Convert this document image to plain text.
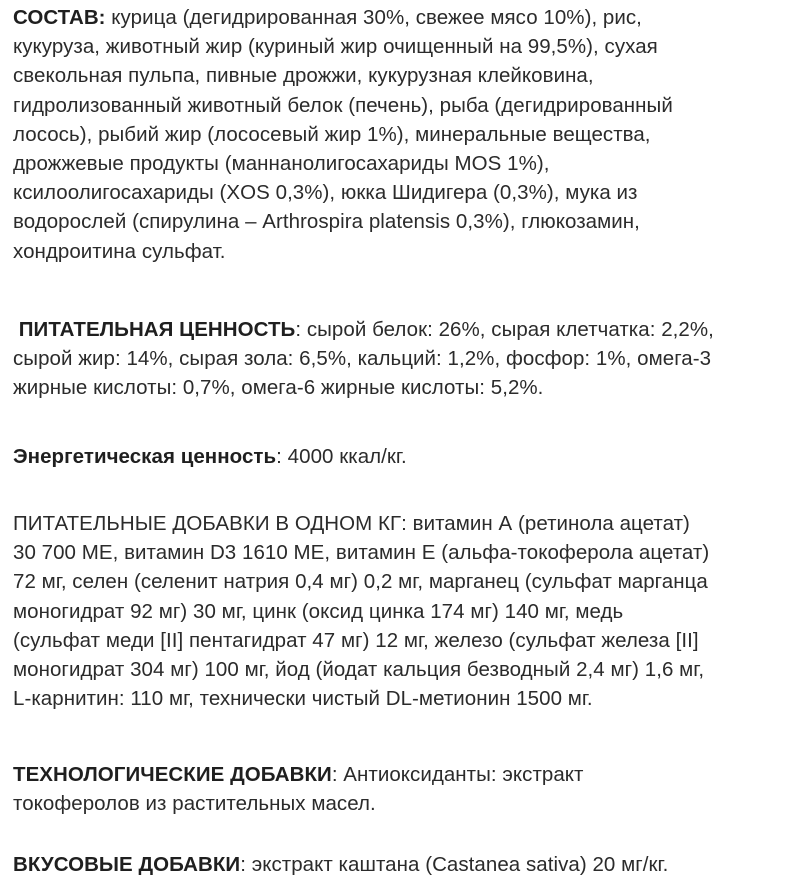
СОСТАВ: курица (дегидрированная 30%, свежее мясо 10%), рис,
кукуруза, животный жир (куриный жир очищенный на 99,5%), сухая
свекольная пульпа, пивные дрожжи, кукурузная клейковина,
гидролизованный животный белок (печень), рыба (дегидрированный
лосось), рыбий жир (лососевый жир 1%), минеральные вещества,
дрожжевые продукты (маннанолигосахариды MOS 1%),
ксилоолигосахариды (XOS 0,3%), юкка Шидигера (0,3%), мука из
водорослей (спирулина – Arthrospira platensis 0,3%), глюкозамин,
хондроитина сульфат.

ПИТАТЕЛЬНАЯ ЦЕННОСТЬ: сырой белок: 26%, сырая клетчатка: 2,2%,
сырой жир: 14%, сырая зола: 6,5%, кальций: 1,2%, фосфор: 1%, омега-3
жирные кислоты: 0,7%, омега-6 жирные кислоты: 5,2%.

Энергетическая ценность: 4000 ккал/кг.

ПИТАТЕЛЬНЫЕ ДОБАВКИ В ОДНОМ КГ: витамин А (ретинола ацетат)
30 700 МЕ, витамин D3 1610 МЕ, витамин Е (альфа-токоферола ацетат)
72 мг, селен (селенит натрия 0,4 мг) 0,2 мг, марганец (сульфат марганца
моногидрат 92 мг) 30 мг, цинк (оксид цинка 174 мг) 140 мг, медь
(сульфат меди [II] пентагидрат 47 мг) 12 мг, железо (сульфат железа [II]
моногидрат 304 мг) 100 мг, йод (йодат кальция безводный 2,4 мг) 1,6 мг,
L-карнитин: 110 мг, технически чистый DL-метионин 1500 мг.

ТЕХНОЛОГИЧЕСКИЕ ДОБАВКИ: Антиоксиданты: экстракт
токоферолов из растительных масел.

ВКУСОВЫЕ ДОБАВКИ: экстракт каштана (Castanea sativa) 20 мг/кг.
